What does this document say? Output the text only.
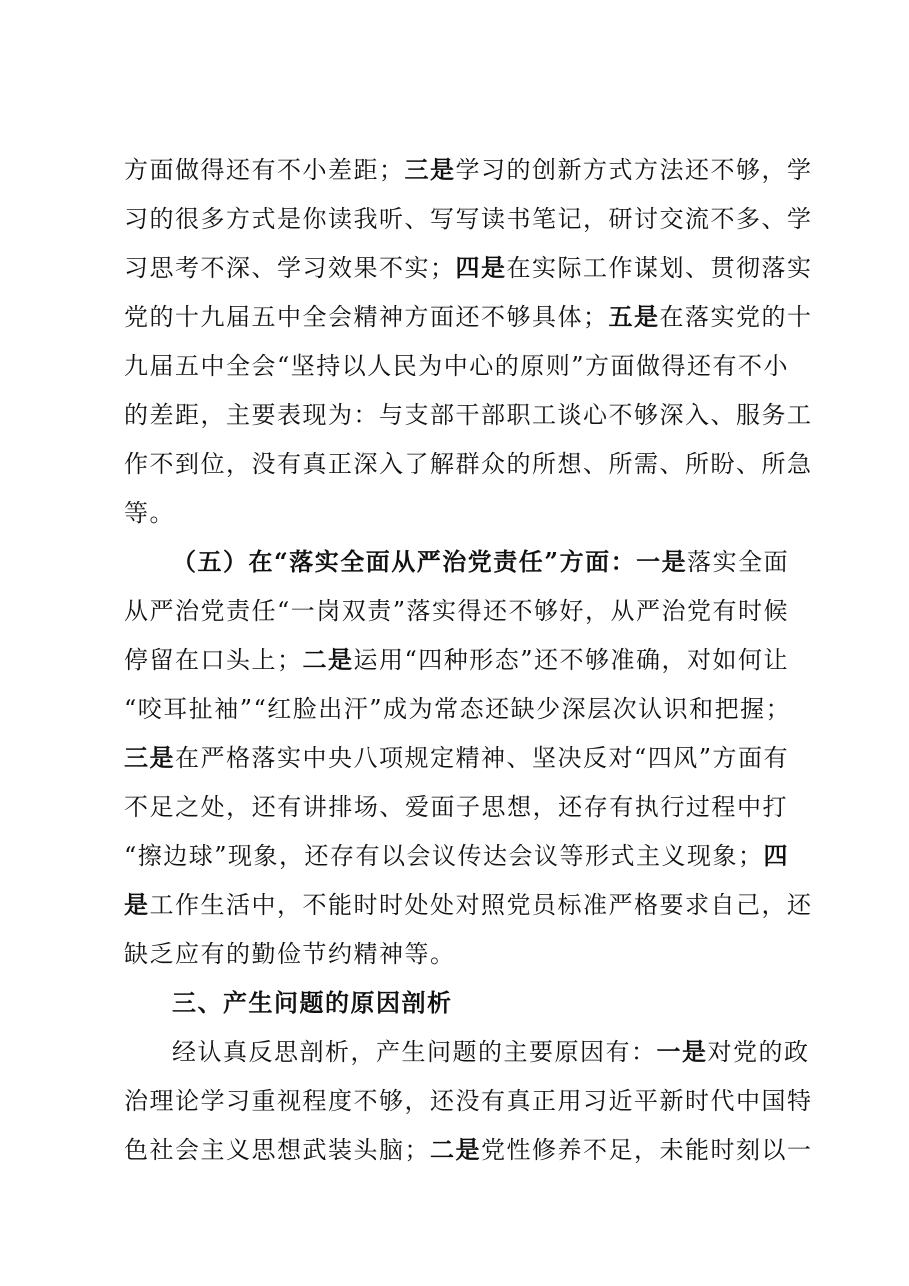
方面做得还有不小差距；三是学习的创新方式方法还不够，学
习的很多方式是你读我听、写写读书笔记，研讨交流不多、学
习思考不深、学习效果不实；四是在实际工作谋划、贯彻落实
党的十九届五中全会精神方面还不够具体；五是在落实党的十
九届五中全会“坚持以人民为中心的原则”方面做得还有不小
的差距，主要表现为：与支部干部职工谈心不够深入、服务工
作不到位，没有真正深入了解群众的所想、所需、所盼、所急
等。
（五）在“落实全面从严治党责任”方面：一是落实全面
从严治党责任“一岗双责”落实得还不够好，从严治党有时候
停留在口头上；二是运用“四种形态”还不够准确，对如何让
“咬耳扯袖”“红脸出汗”成为常态还缺少深层次认识和把握；
三是在严格落实中央八项规定精神、坚决反对“四风”方面有
不足之处，还有讲排场、爱面子思想，还存有执行过程中打
“擦边球”现象，还存有以会议传达会议等形式主义现象；四
是工作生活中，不能时时处处对照党员标准严格要求自己，还
缺乏应有的勤俭节约精神等。
三、产生问题的原因剖析
经认真反思剖析，产生问题的主要原因有：一是对党的政
治理论学习重视程度不够，还没有真正用习近平新时代中国特
色社会主义思想武装头脑；二是党性修养不足，未能时刻以一
